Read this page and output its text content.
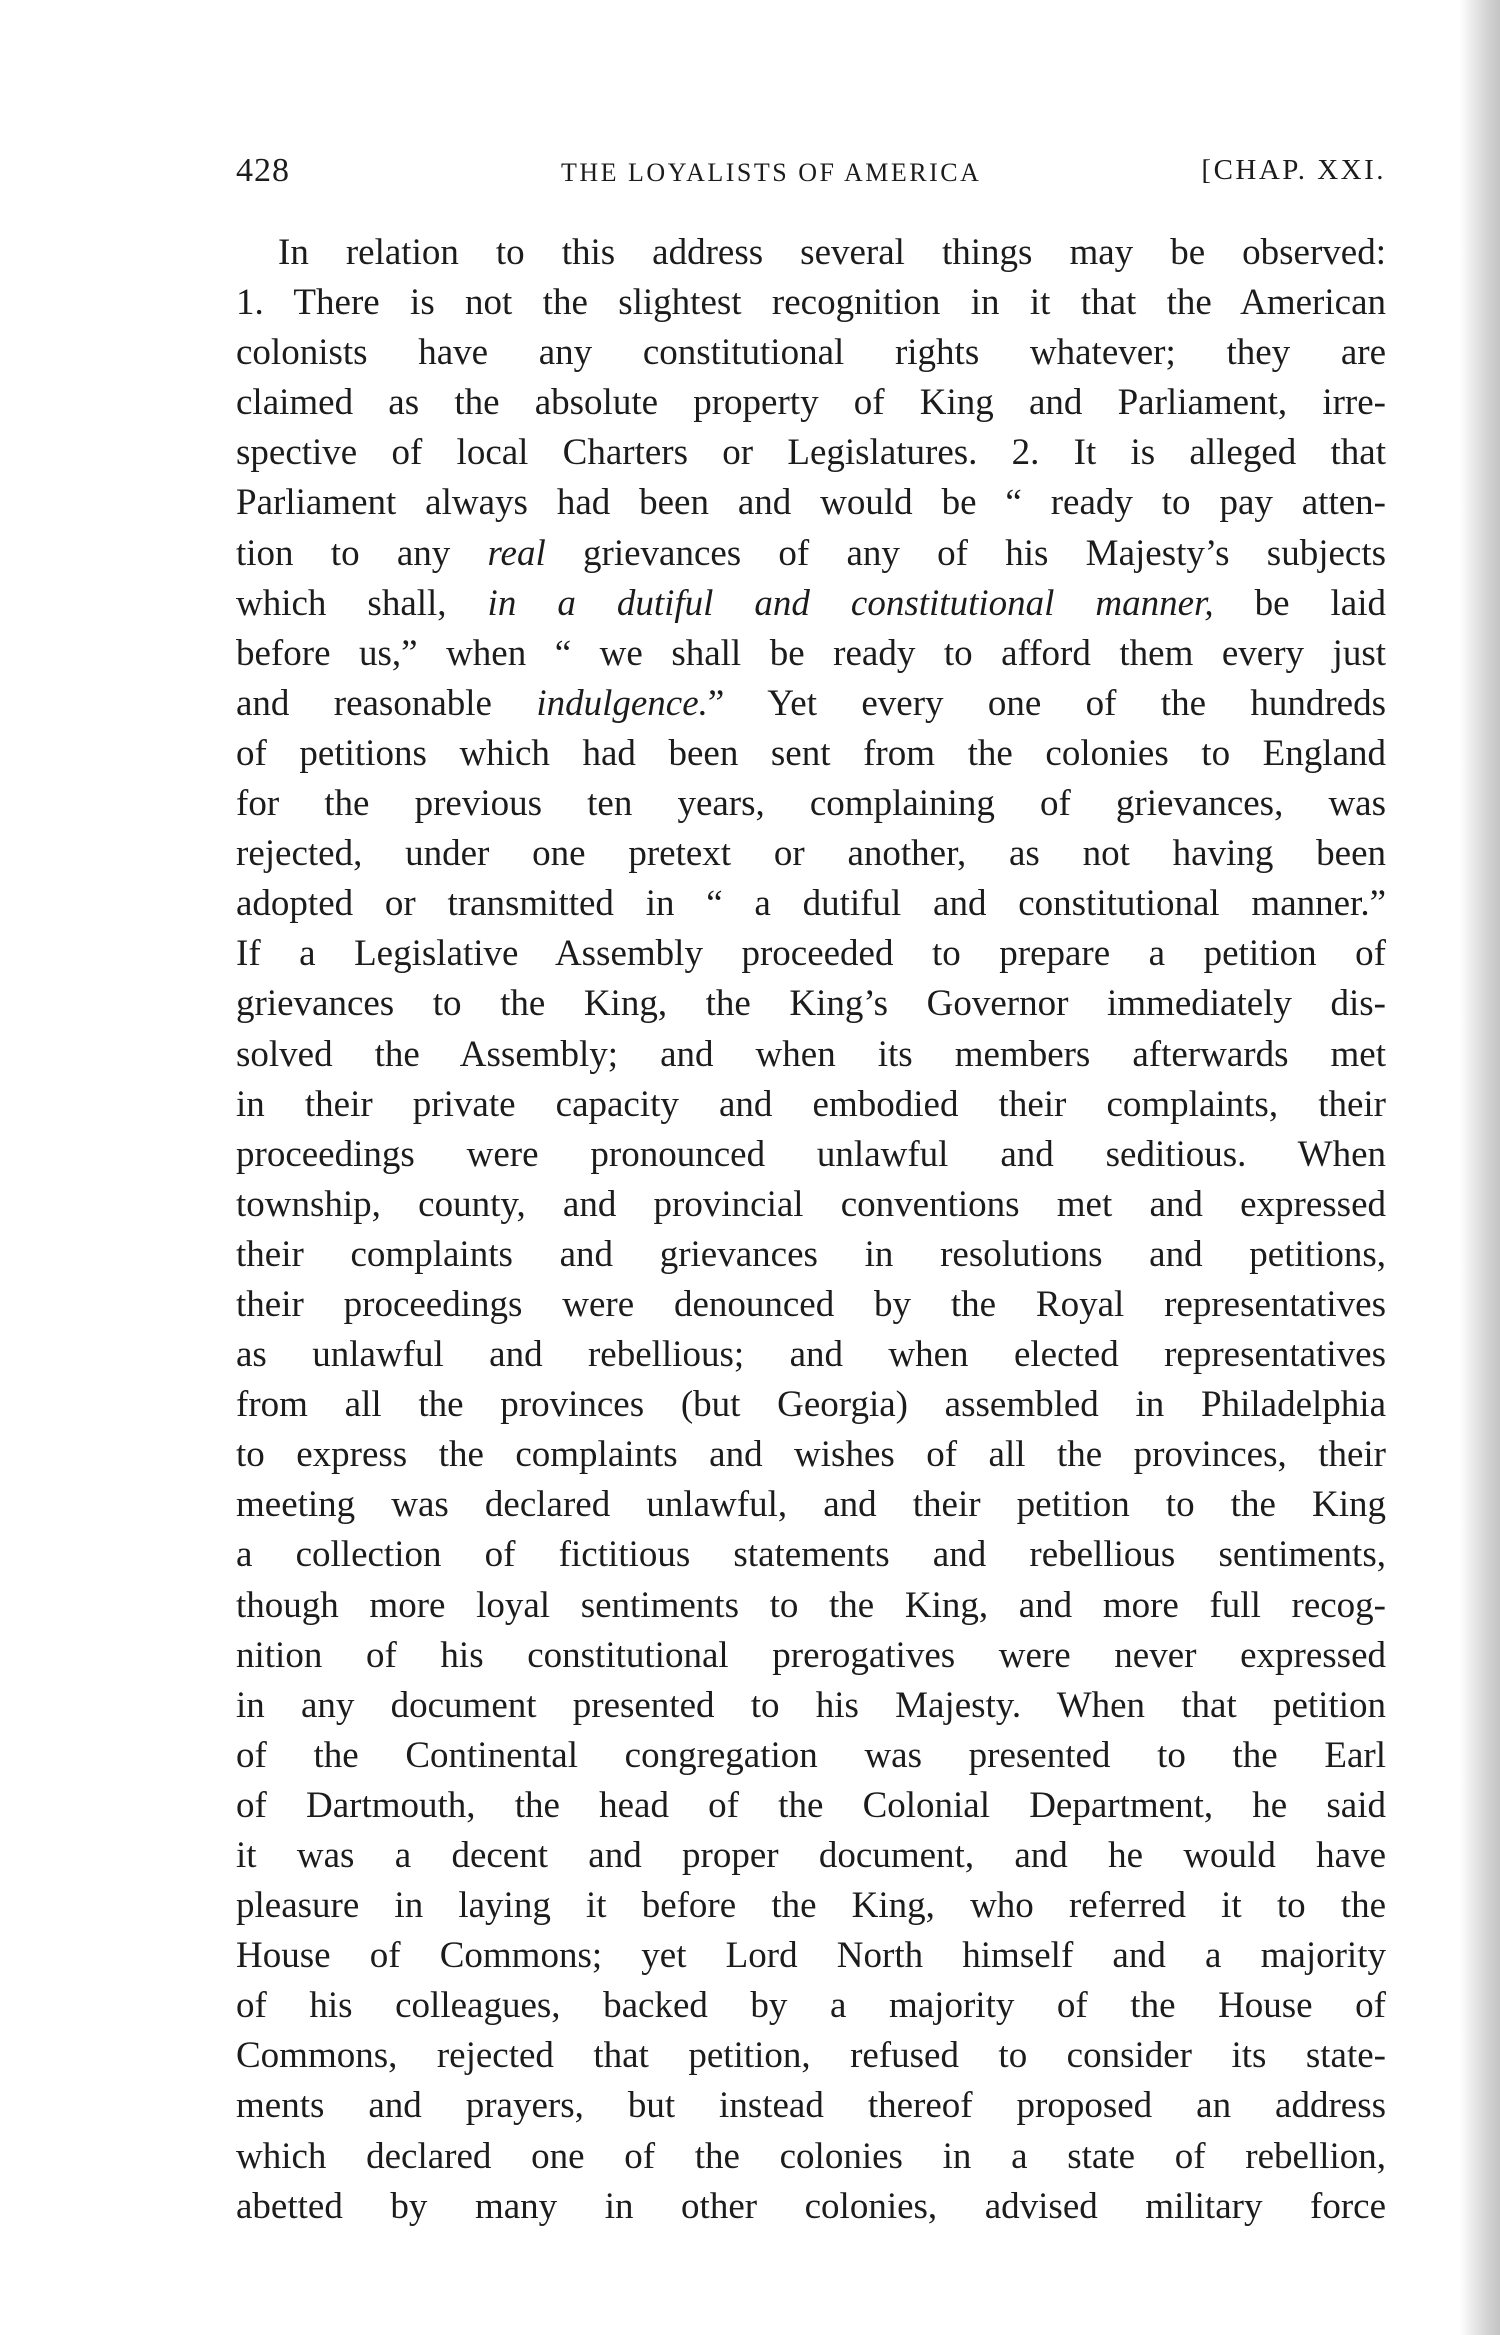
428	THE LOYALISTS OF AMERICA	[CHAP. XXI.
In relation to this address several things may be observed:
1. There is not the slightest recognition in it that the American
colonists have any constitutional rights whatever; they are
claimed as the absolute property of King and Parliament, irre-
spective of local Charters or Legislatures. 2. It is alleged that
Parliament always had been and would be “ ready to pay atten-
tion to any real grievances of any of his Majesty’s subjects
which shall, in a dutiful and constitutional manner, be laid
before us,” when “ we shall be ready to afford them every just
and reasonable indulgence.” Yet every one of the hundreds
of petitions which had been sent from the colonies to England
for the previous ten years, complaining of grievances, was
rejected, under one pretext or another, as not having been
adopted or transmitted in “ a dutiful and constitutional manner.”
If a Legislative Assembly proceeded to prepare a petition of
grievances to the King, the King’s Governor immediately dis-
solved the Assembly; and when its members afterwards met
in their private capacity and embodied their complaints, their
proceedings were pronounced unlawful and seditious. When
township, county, and provincial conventions met and expressed
their complaints and grievances in resolutions and petitions,
their proceedings were denounced by the Royal representatives
as unlawful and rebellious; and when elected representatives
from all the provinces (but Georgia) assembled in Philadelphia
to express the complaints and wishes of all the provinces, their
meeting was declared unlawful, and their petition to the King
a collection of fictitious statements and rebellious sentiments,
though more loyal sentiments to the King, and more full recog-
nition of his constitutional prerogatives were never expressed
in any document presented to his Majesty. When that petition
of the Continental congregation was presented to the Earl
of Dartmouth, the head of the Colonial Department, he said
it was a decent and proper document, and he would have
pleasure in laying it before the King, who referred it to the
House of Commons; yet Lord North himself and a majority
of his colleagues, backed by a majority of the House of
Commons, rejected that petition, refused to consider its state-
ments and prayers, but instead thereof proposed an address
which declared one of the colonies in a state of rebellion,
abetted by many in other colonies, advised military force
